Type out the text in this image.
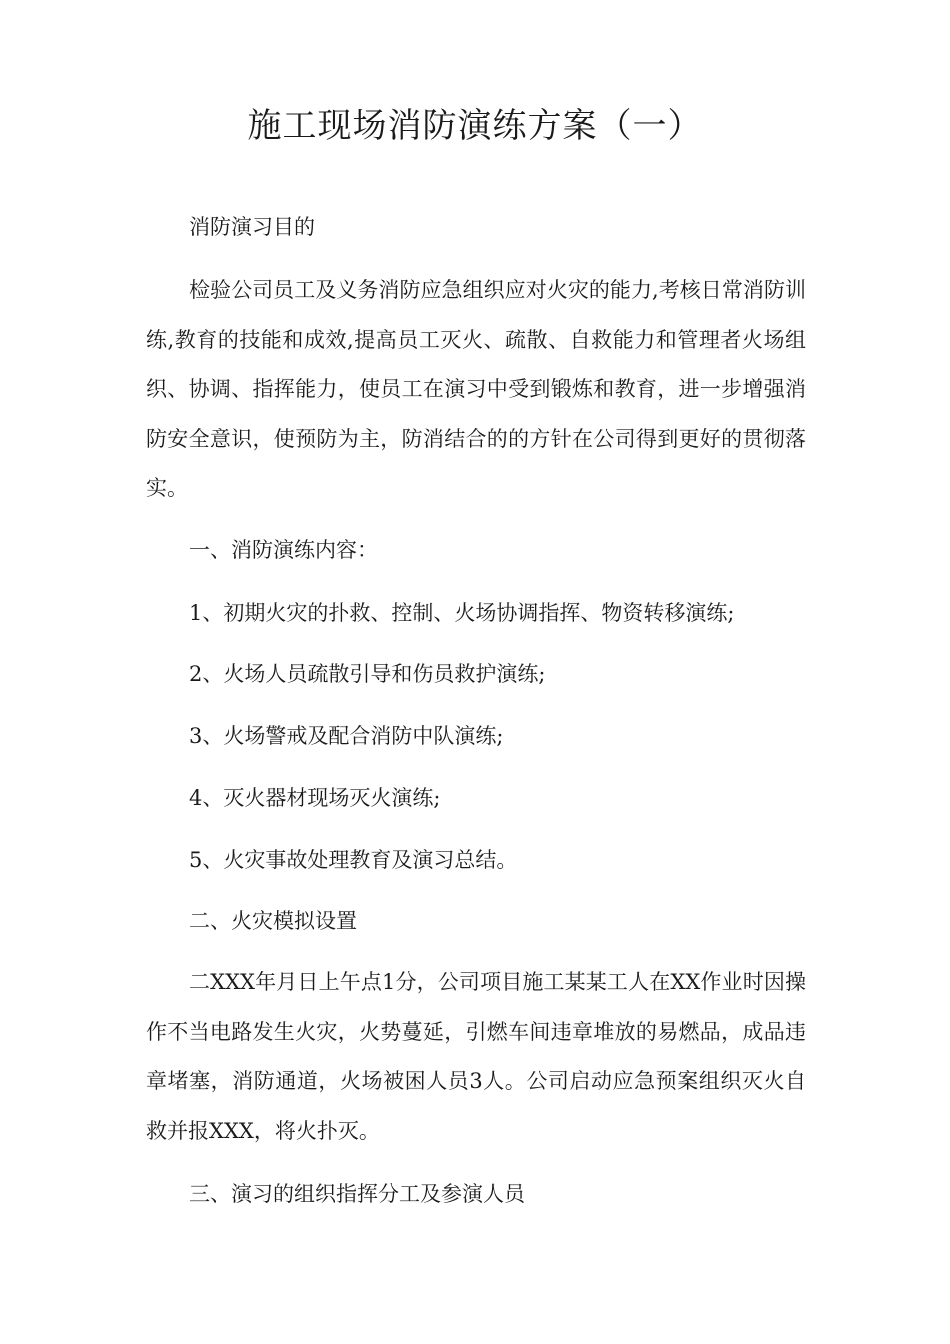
施工现场消防演练方案（一）

消防演习目的

检验公司员工及义务消防应急组织应对火灾的能力,考核日常消防训练,教育的技能和成效,提高员工灭火、疏散、自救能力和管理者火场组织、协调、指挥能力，使员工在演习中受到锻炼和教育，进一步增强消防安全意识，使预防为主，防消结合的的方针在公司得到更好的贯彻落实。

一、消防演练内容：

1、初期火灾的扑救、控制、火场协调指挥、物资转移演练;

2、火场人员疏散引导和伤员救护演练;

3、火场警戒及配合消防中队演练;

4、灭火器材现场灭火演练;

5、火灾事故处理教育及演习总结。

二、火灾模拟设置

二XXX年月日上午点1分，公司项目施工某某工人在XX作业时因操作不当电路发生火灾，火势蔓延，引燃车间违章堆放的易燃品，成品违章堵塞，消防通道，火场被困人员3人。公司启动应急预案组织灭火自救并报XXX，将火扑灭。

三、演习的组织指挥分工及参演人员
